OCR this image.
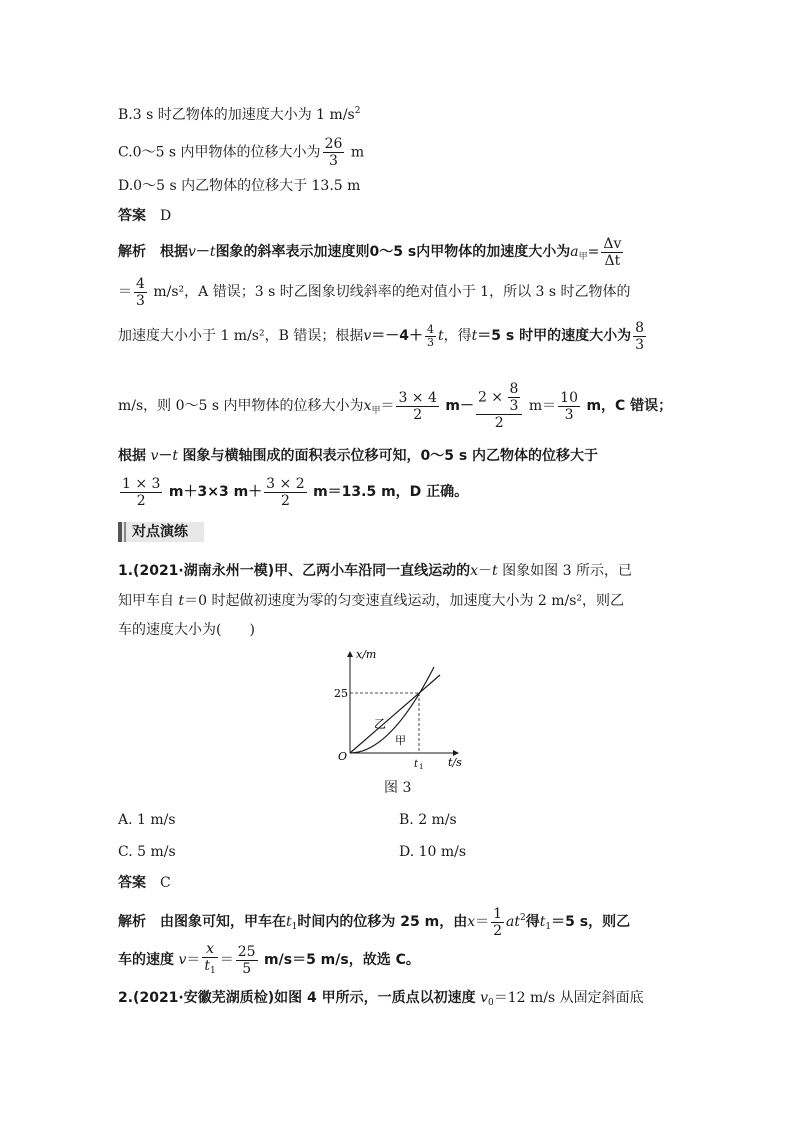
B.3 s 时乙物体的加速度大小为 1 $m/s^2$
C.0～5 s 内甲物体的位移大小为 $\frac{26}{3}$ m
D.0～5 s 内乙物体的位移大于 13.5 m
答案　 D
解析　 根据v－t图象的斜率表示加速度则0～5 s内甲物体的加速度大小为$a_甲= \frac{\Delta v}{\Delta t}$
＝ $\frac{4}{3} m/s^2$，A 错误；3 s 时乙图象切线斜率的绝对值小于 1，所以 3 s 时乙物体的
加速度大小小于 1 m/s²，B 错误；根据$v=-4+ \frac{4}{3}$ t，得t＝5 s 时甲的速度大小为 $\frac{8}{3}$
m/s，则 0～5 s 内甲物体的位移大小为$x_甲= \frac{3 \times 4}{2} m- \frac{2 \times \frac{8}{3}}{2} m= \frac{10}{3}$ m，C 错误；
根据 v－t 图象与横轴围成的面积表示位移可知，0～5 s 内乙物体的位移大于
$\frac{1 \times 3}{2} m+3\times 3$ $m+ \frac{3 \times 2}{2} m=13.5$ m，D 正确。
对点演练
1.(2021·湖南永州一模)甲、乙两小车沿同一直线运动的x－t 图象如图 3 所示，已
知甲车自 t＝0 时起做初速度为零的匀变速直线运动，加速度大小为 2 m/s²，则乙
车的速度大小为(　　)
x/m
t/s
O
25
t 1
乙
甲
图 3
A. 1 m/s	B. 2 m/s
C. 5 m/s	D. 10 m/s
答案　 C
解析　 由图象可知，甲车在$t_1$时间内的位移为 25 m，由$x= \frac{1}{2} at^2$得$t_1=5$ s，则乙
车的速度 $v= \frac{x}{t_1} = \frac{25}{5} m/s=5$ m/s，故选 C。
2.(2021·安徽芜湖质检)如图 4 甲所示，一质点以初速度 $v_0=12$ m/s 从固定斜面底
